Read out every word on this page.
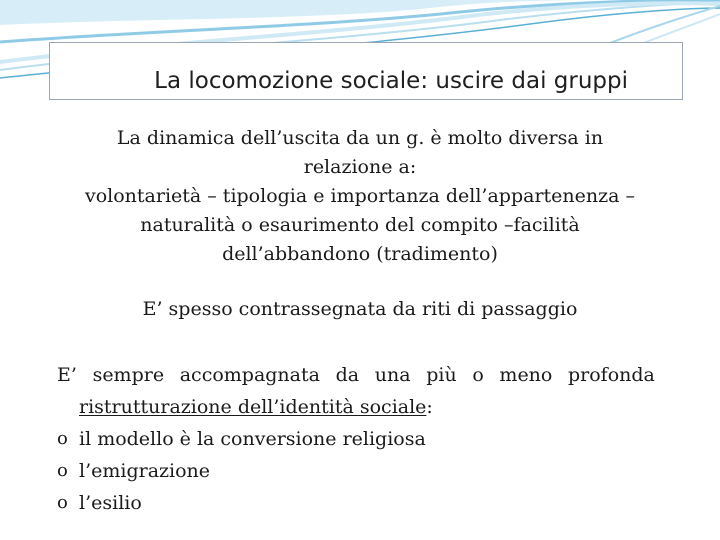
La locomozione sociale: uscire dai gruppi
La dinamica dell’uscita da un g. è molto diversa in
relazione a:
volontarietà – tipologia e importanza dell’appartenenza –
naturalità o esaurimento del compito –facilità
dell’abbandono (tradimento)
E’ spesso contrassegnata da riti di passaggio
E’ sempre accompagnata da una più o meno profonda
ristrutturazione dell’identità sociale:
o il modello è la conversione religiosa
o l’emigrazione
o l’esilio
